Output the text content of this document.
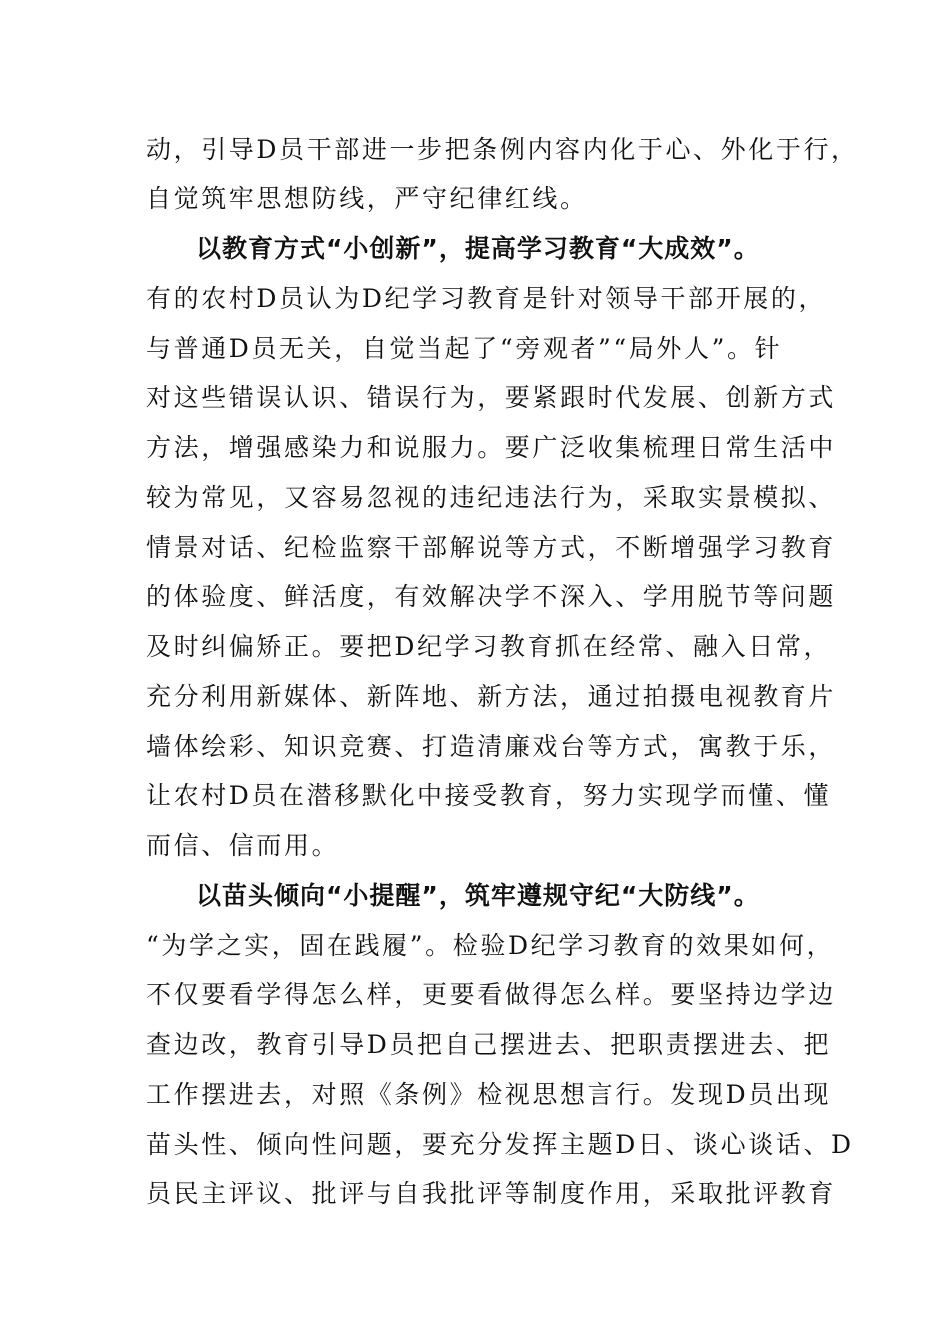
动，引导D员干部进一步把条例内容内化于心、外化于行，
自觉筑牢思想防线，严守纪律红线。
以教育方式“小创新”，提高学习教育“大成效”。
有的农村D员认为D纪学习教育是针对领导干部开展的，
与普通D员无关，自觉当起了“旁观者”“局外人”。针
对这些错误认识、错误行为，要紧跟时代发展、创新方式
方法，增强感染力和说服力。要广泛收集梳理日常生活中
较为常见，又容易忽视的违纪违法行为，采取实景模拟、
情景对话、纪检监察干部解说等方式，不断增强学习教育
的体验度、鲜活度，有效解决学不深入、学用脱节等问题
及时纠偏矫正。要把D纪学习教育抓在经常、融入日常，
充分利用新媒体、新阵地、新方法，通过拍摄电视教育片
墙体绘彩、知识竞赛、打造清廉戏台等方式，寓教于乐，
让农村D员在潜移默化中接受教育，努力实现学而懂、懂
而信、信而用。
以苗头倾向“小提醒”，筑牢遵规守纪“大防线”。
“为学之实，固在践履”。检验D纪学习教育的效果如何，
不仅要看学得怎么样，更要看做得怎么样。要坚持边学边
查边改，教育引导D员把自己摆进去、把职责摆进去、把
工作摆进去，对照《条例》检视思想言行。发现D员出现
苗头性、倾向性问题，要充分发挥主题D日、谈心谈话、D
员民主评议、批评与自我批评等制度作用，采取批评教育
